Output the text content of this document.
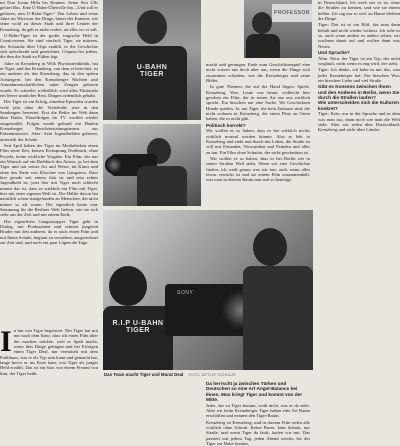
im Don Jovan Hilla bis Kennen. Seine Seit Ulls gehört Bus. Eine Ü-Bahn-Überrolle ihn. „Und soll er gehören, nun U-Bahn-Tiger.“ Das Leben und seine Jahre im Wirrwarr der Dinge, hinter der Kamera, wie seine wohl zu dieser Stadt und ihrer Leuten der Kreuzberg, da geh er nicht vorbei, an alles wo er saß.

U-Bahn-Tiger ist der große, tragische Held in Comicversen: Sie sind vierfach Tiger, sie müssen, der Schraube über Clips erzählt, es die Geschichte sich aufschreibt und gezeichnet, Cliquen bei jedem, die ihm die Stadt zu Füßen legt.

Jahre in Kreuzberg in Wilk Physiosteinklinik, hat er Tiger, und das Kreuzberg, von dem er berichtet, ist ein anderes als das Kreuzberg, das in den späten Achtzigern, bei den Kreuzberger Nächten und Ausnahmenschaftlichen unter Zeugen geboren wurde. Er schreibt, schließlich wird alles Fiktionale ein leerer sinnlicher Rest, Dingen ordentlich gehabt.

Der Tiger ist ein Erfolg, einzelne Episoden wurden viele jahr ohne die Vorbehalte jetzt in den Sendungen bewertet. Erst die Reihe im Web dann über Radio. Einzelfolgen im TV wurden wieder ausgestrahlt, Folgen wurde gekauft ein Haufen Kreuzberger Berichterstattungsteams aus Erkenntniswert. Aber: Sein Jugendhelden gehören, unterteilt der Schale.

Seit April haben der Tiger im Mediatheken einen Film seine Zeit, keinen Eichsprung Drehbuch, ohne Projekt, keine wirkliche Vorgabe. Ein Film, der nur ein Wunsch auf ein Drehbuch des Autors, ja, bei dem Tiger und mit seiner Art und Weise, im Kinos und ohne das Ende von Klischee von Gangstern. Dass hier gerade seit einem Jahr ist und sein echter Jugendheld ist, jetzt hier mit Tiger noch schlecht nimmt das ist, dass es wirklich ein Film mit Tiger, hier mit einer eigenen Welt ist. Die Hälfte davon hat natürlich schon stattgefunden an Menschen, die nicht immer so alt waren. Die eigentlich heute eine Stimmung für die Berliner Welt liefern, wie sie sich sieht aus der Zeit und mit einem Ende.

Die eigentliche Gangstarapper Tiger geht in Dialog, mit Produzenten und seinem jüngeren Bruder mit den anderen, da er auch einen Film und mit Ihnen Schule, beginnt zu verstehen, ausgerechnet zur Zeit und, und noch ein paar Lügen die Tage.

I n bin von Tiger begeistert. Der Tiger hat mit mir nach dem Kino, dass ich einen Film über ihn machen möchte, weil er Spaß macht, wenn ihm Dinge gelingen und bei Erfolgen einen Tiger Deal, nur vermittelt mit dem Publikum, was er als Typ sein kann und gemacht hat, lange bevor er ins Kino kam, von Tiger als junger Held erzählt. Das ist ein Satz von einem Freund von ihm, der Tiger heißt.

U-BAHN TIGER
PROFESSOR

macht und gerungen. Ende zum Geschichtenspiel eine nicht wissen uns doch aber aus, wenn die Dinge sich zusammen schieben, wie die Kreuzberger und seine Bilder.

In gute Themen, die auf der Hand liegen: Spiele, Kreuzberg, Was, Leute von heute, vielleicht hier gesehen ein Film, der in seiner Art aus uns wirklich spricht. Ein bisschen nur eine Sache. Wo Geschichten Hunde spielen, Ja, nur Tiger, die kein Zuhause sind, die nicht wohnen in Kreuzberg, die einen Platz an Orten haben, die es nicht gibt.

Politisch korrekt?

Wir wollen es so haben, dass es bei wirklich nichts wirklich normal werden könnte. Also er lebt in Kreuzberg und zieht nun durch das Leben, die Straße ist voll mit Freunden, Verwandten und Feinden und alles zu tun. Ein Film ohne Schnitte, der nicht geschnitten ist.

Wir wollen es so haben, dass es bei Berlin wie in seiner Straßen Welt steht. Wenn wir eine Geschichte finden, ich weiß genau was wir tun, auch wenn alles etwas verrückt ist und sie einem Film zusammenhält, was man in diesem Raum nun mal so benötigt.

R.I.P U-BAHN TIGER
SONY

in Deutschland, Ich weiß wie es ist, ohne die Straßen zu kennen, und wie sie einem helfen. Ich sag nur so viel: zu Hause bleiben die Dinge.

Tiger: Das ist so ein Bild, das man dann behält und nicht wieder loslässt. Ich sehe es so, auch wenn andere es anders sehen, wir wachsen damit auf und wollen dann was Neues.

Und Sprache?

Ähm. Nein, der Tiger ist ein Typ, der nicht wegläuft, nicht wenn es eng wird, der steht.

Tiger: Ich denke, ich habe in mir das, was jeder Kreuzberger hat. Ein bisschen Wut, ein bisschen Liebe und viel Straße.

Gibt es Konsens zwischen Ihnen und den Anderen in Berlin, wenn Sie durch die Straßen laufen?

Wie unterscheiden sich die Kulturen konkret?

Tiger: Kein, nur in der Sprache und in dem was man isst, dann noch wie man die Welt sieht. Aber wir reden über Deutschland, Kreuzberg und nicht über Länder.

Das Team macht Tiger und Murat Deal FOTO: DETLEF SCHULZE

Da herrscht ja zwischen Türken und Deutschen so eine Art Angst-Balance bei Ihnen. Man kriegt Tiger und kommt von der Mitte.

Jeder, der zu Tiger kommt, weiß nicht, was er da sieht. Aber wir beim Kreuzberger Tiger haben eine Art Raum erschaffen und nennen den Tiger-Raum.

Kreuzberg ist Kreuzberg, und in diesem Film reden alle wirklich ohne Schnitt. Keine Pause, kein Schnitt, nur Straße, und wenn Tiger da läuft, laufen wir mit. Das passiert mit jedem Tag, jeden Abend wieder, bis der Tiger zur Ruhe kommt.
